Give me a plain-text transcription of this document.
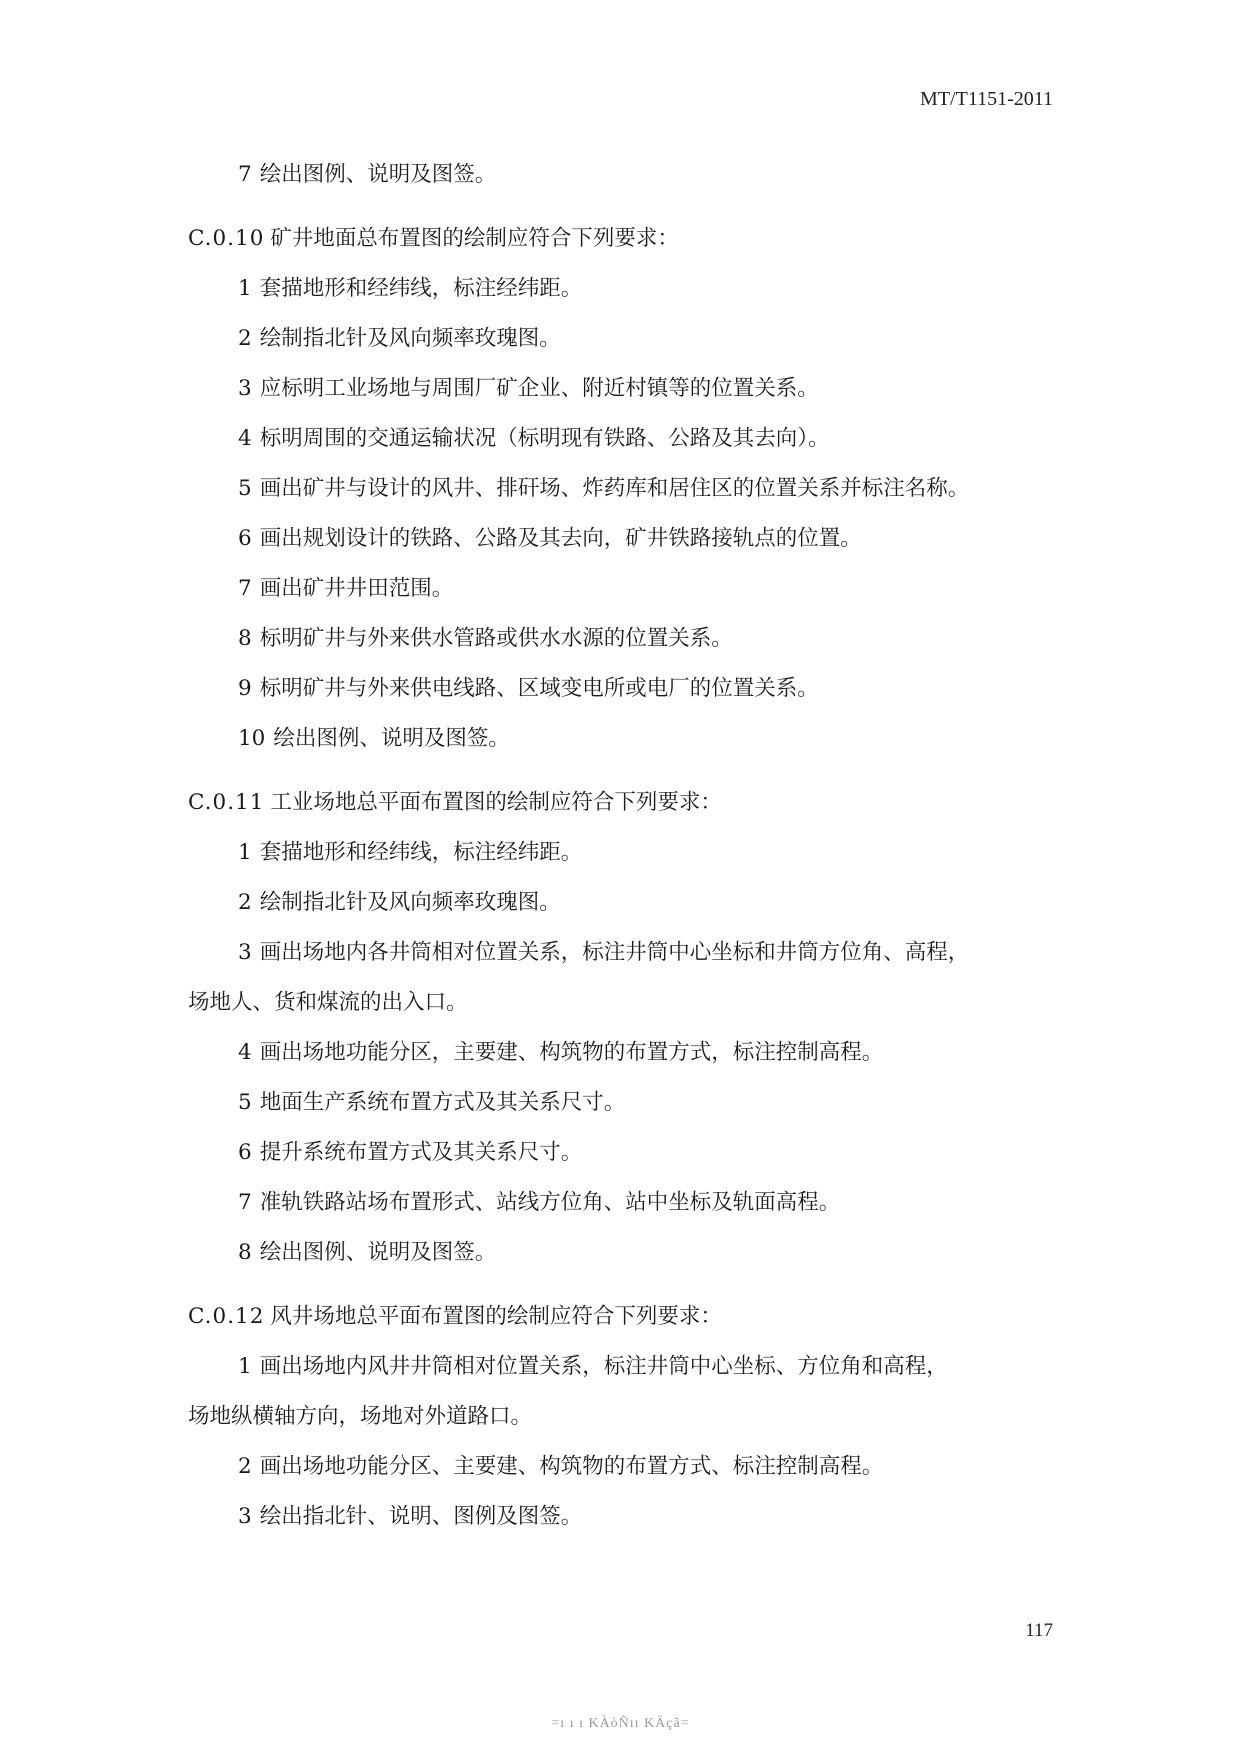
MT/T1151-2011
7 绘出图例、说明及图签。
C.0.10 矿井地面总布置图的绘制应符合下列要求：
1 套描地形和经纬线，标注经纬距。
2 绘制指北针及风向频率玫瑰图。
3 应标明工业场地与周围厂矿企业、附近村镇等的位置关系。
4 标明周围的交通运输状况（标明现有铁路、公路及其去向）。
5 画出矿井与设计的风井、排矸场、炸药库和居住区的位置关系并标注名称。
6 画出规划设计的铁路、公路及其去向，矿井铁路接轨点的位置。
7 画出矿井井田范围。
8 标明矿井与外来供水管路或供水水源的位置关系。
9 标明矿井与外来供电线路、区域变电所或电厂的位置关系。
10 绘出图例、说明及图签。
C.0.11 工业场地总平面布置图的绘制应符合下列要求：
1 套描地形和经纬线，标注经纬距。
2 绘制指北针及风向频率玫瑰图。
3 画出场地内各井筒相对位置关系，标注井筒中心坐标和井筒方位角、高程，
场地人、货和煤流的出入口。
4 画出场地功能分区，主要建、构筑物的布置方式，标注控制高程。
5 地面生产系统布置方式及其关系尺寸。
6 提升系统布置方式及其关系尺寸。
7 准轨铁路站场布置形式、站线方位角、站中坐标及轨面高程。
8 绘出图例、说明及图签。
C.0.12 风井场地总平面布置图的绘制应符合下列要求：
1 画出场地内风井井筒相对位置关系，标注井筒中心坐标、方位角和高程，
场地纵横轴方向，场地对外道路口。
2 画出场地功能分区、主要建、构筑物的布置方式、标注控制高程。
3 绘出指北针、说明、图例及图签。
117
=ı ı ı KÀòÑıı KÄçã=
